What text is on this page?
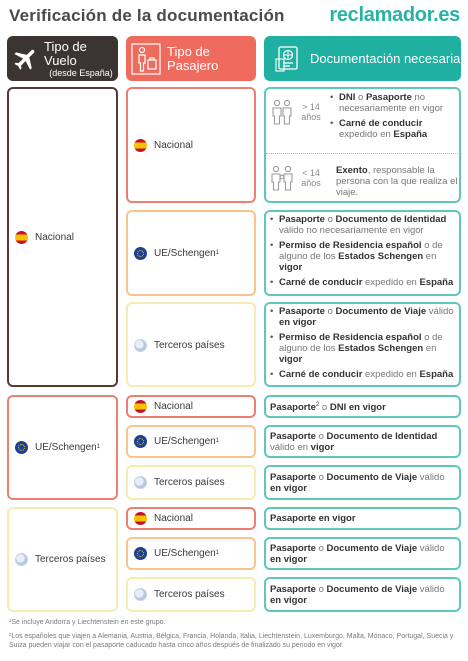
Verificación de la documentación reclamador.es
Tipo de Vuelo
(desde España)
Tipo de Pasajero	Documentación necesaria
Nacional
UE/Schengen 1
Terceros países
Nacional
UE/Schengen 1
Terceros países
Nacional
UE/Schengen 1
Terceros países
Nacional
UE/Schengen 1
Terceros países
> 14 años
• DNI o Pasaporte no necesariamente en vigor
• Carné de conducir expedido en España
< 14 años
Exento, responsable la persona con la que realiza el viaje.
• Pasaporte o Documento de Identidad válido no necesariamente en vigor
• Permiso de Residencia español o de alguno de los Estados Schengen en vigor
• Carné de conducir expedido en España
• Pasaporte o Documento de Viaje válido en vigor
• Permiso de Residencia español o de alguno de los Estados Schengen en vigor
• Carné de conducir expedido en España
Pasaporte$^2$ o DNI en vigor
Pasaporte o Documento de Identidad
válido en vigor
Pasaporte o Documento de Viaje válido
en vigor
Pasaporte en vigor
Pasaporte o Documento de Viaje válido
en vigor
Pasaporte o Documento de Viaje válido
en vigor
¹Se incluye Andorra y Liechtenstein en este grupo.
²Los españoles que viajen a Alemania, Austria, Bélgica, Francia, Holanda, Italia, Liechtenstein, Luxemburgo, Malta, Mónaco, Portugal, Suecia y Suiza pueden viajar con el pasaporte caducado hasta cinco años después de finalizado su periodo en vigor.
